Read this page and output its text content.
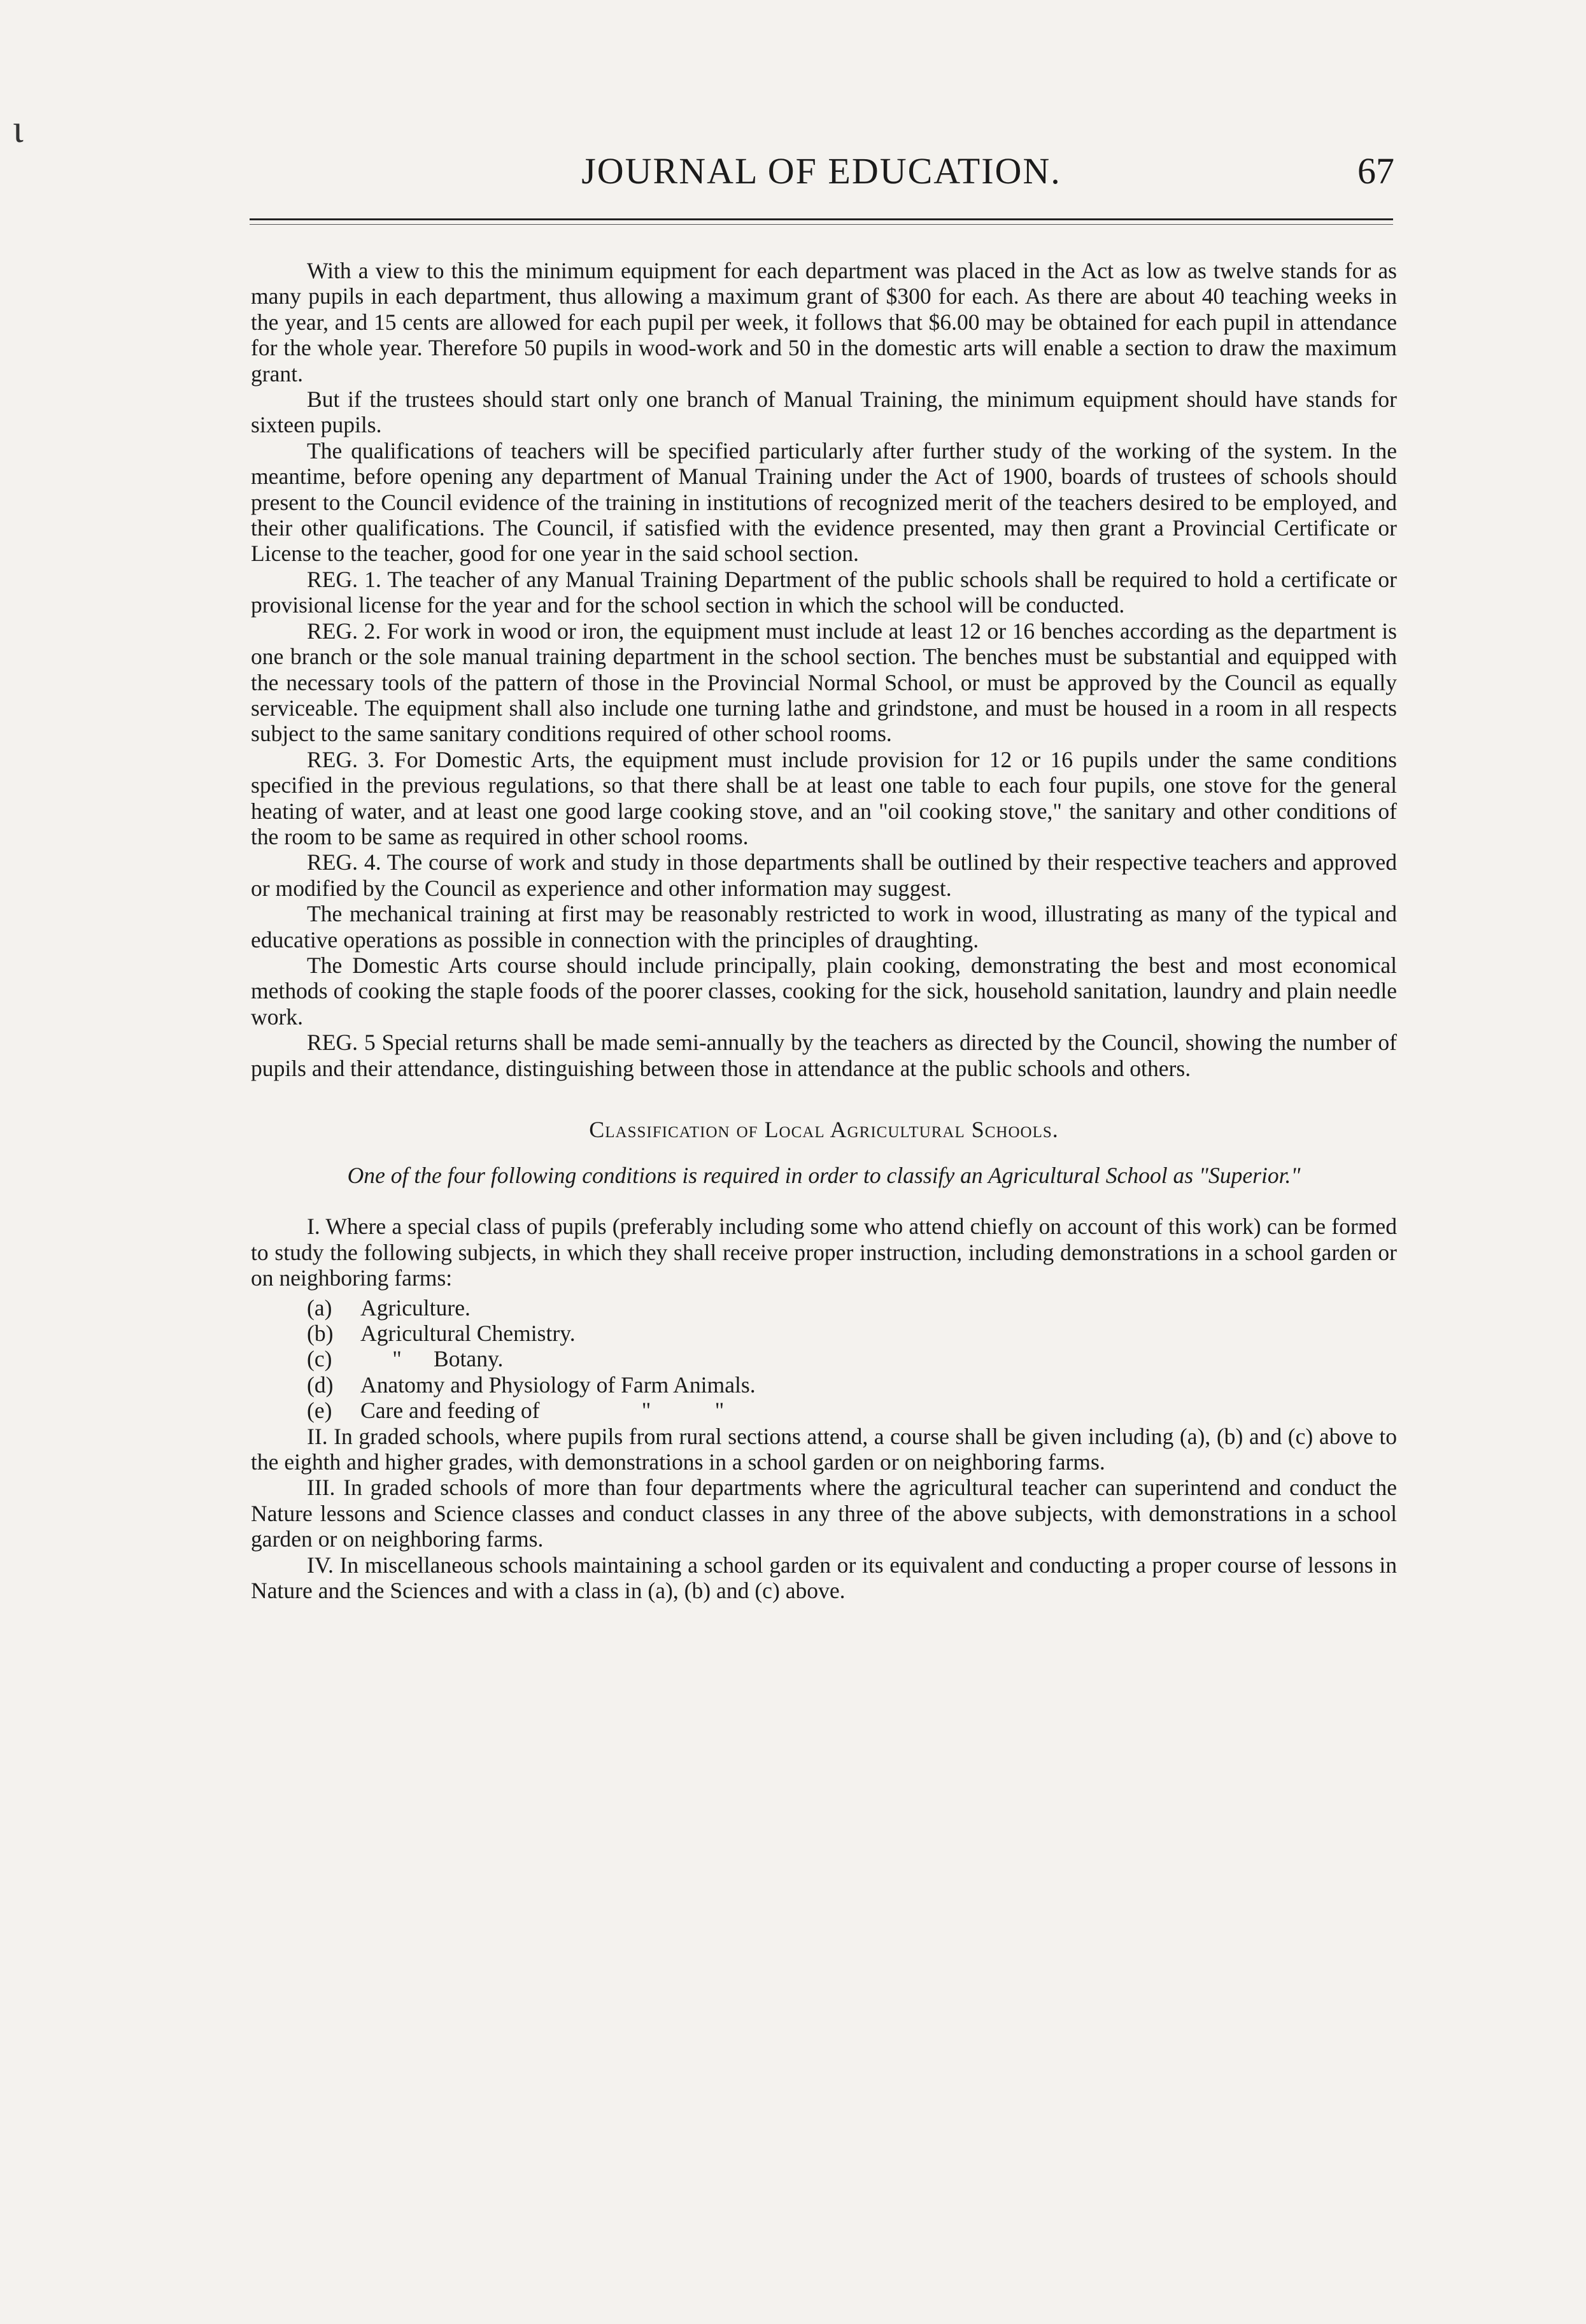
ɩ
JOURNAL OF EDUCATION.	67

With a view to this the minimum equipment for each department was placed in the Act as low as twelve stands for as many pupils in each department, thus allowing a maximum grant of $300 for each. As there are about 40 teaching weeks in the year, and 15 cents are allowed for each pupil per week, it follows that $6.00 may be obtained for each pupil in attendance for the whole year. Therefore 50 pupils in wood-work and 50 in the domestic arts will enable a section to draw the maximum grant.

But if the trustees should start only one branch of Manual Training, the minimum equipment should have stands for sixteen pupils.

The qualifications of teachers will be specified particularly after further study of the working of the system. In the meantime, before opening any department of Manual Training under the Act of 1900, boards of trustees of schools should present to the Council evidence of the training in institutions of recognized merit of the teachers desired to be employed, and their other qualifications. The Council, if satisfied with the evidence presented, may then grant a Provincial Certificate or License to the teacher, good for one year in the said school section.

REG. 1. The teacher of any Manual Training Department of the public schools shall be required to hold a certificate or provisional license for the year and for the school section in which the school will be conducted.

REG. 2. For work in wood or iron, the equipment must include at least 12 or 16 benches according as the department is one branch or the sole manual training department in the school section. The benches must be substantial and equipped with the necessary tools of the pattern of those in the Provincial Normal School, or must be approved by the Council as equally serviceable. The equipment shall also include one turning lathe and grindstone, and must be housed in a room in all respects subject to the same sanitary conditions required of other school rooms.

REG. 3. For Domestic Arts, the equipment must include provision for 12 or 16 pupils under the same conditions specified in the previous regulations, so that there shall be at least one table to each four pupils, one stove for the general heating of water, and at least one good large cooking stove, and an "oil cooking stove," the sanitary and other conditions of the room to be same as required in other school rooms.

REG. 4. The course of work and study in those departments shall be outlined by their respective teachers and approved or modified by the Council as experience and other information may suggest.

The mechanical training at first may be reasonably restricted to work in wood, illustrating as many of the typical and educative operations as possible in connection with the principles of draughting.

The Domestic Arts course should include principally, plain cooking, demonstrating the best and most economical methods of cooking the staple foods of the poorer classes, cooking for the sick, household sanitation, laundry and plain needle work.

REG. 5 Special returns shall be made semi-annually by the teachers as directed by the Council, showing the number of pupils and their attendance, distinguishing between those in attendance at the public schools and others.

Classification of Local Agricultural Schools.

One of the four following conditions is required in order to classify an Agricultural School as "Superior."

I. Where a special class of pupils (preferably including some who attend chiefly on account of this work) can be formed to study the following subjects, in which they shall receive proper instruction, including demonstrations in a school garden or on neighboring farms:

(a)	Agriculture.
(b)	Agricultural Chemistry.
(c)	"	Botany.
(d)	Anatomy and Physiology of Farm Animals.
(e)	Care and feeding of	"	"

II. In graded schools, where pupils from rural sections attend, a course shall be given including (a), (b) and (c) above to the eighth and higher grades, with demonstrations in a school garden or on neighboring farms.

III. In graded schools of more than four departments where the agricultural teacher can superintend and conduct the Nature lessons and Science classes and conduct classes in any three of the above subjects, with demonstrations in a school garden or on neighboring farms.

IV. In miscellaneous schools maintaining a school garden or its equivalent and conducting a proper course of lessons in Nature and the Sciences and with a class in (a), (b) and (c) above.
